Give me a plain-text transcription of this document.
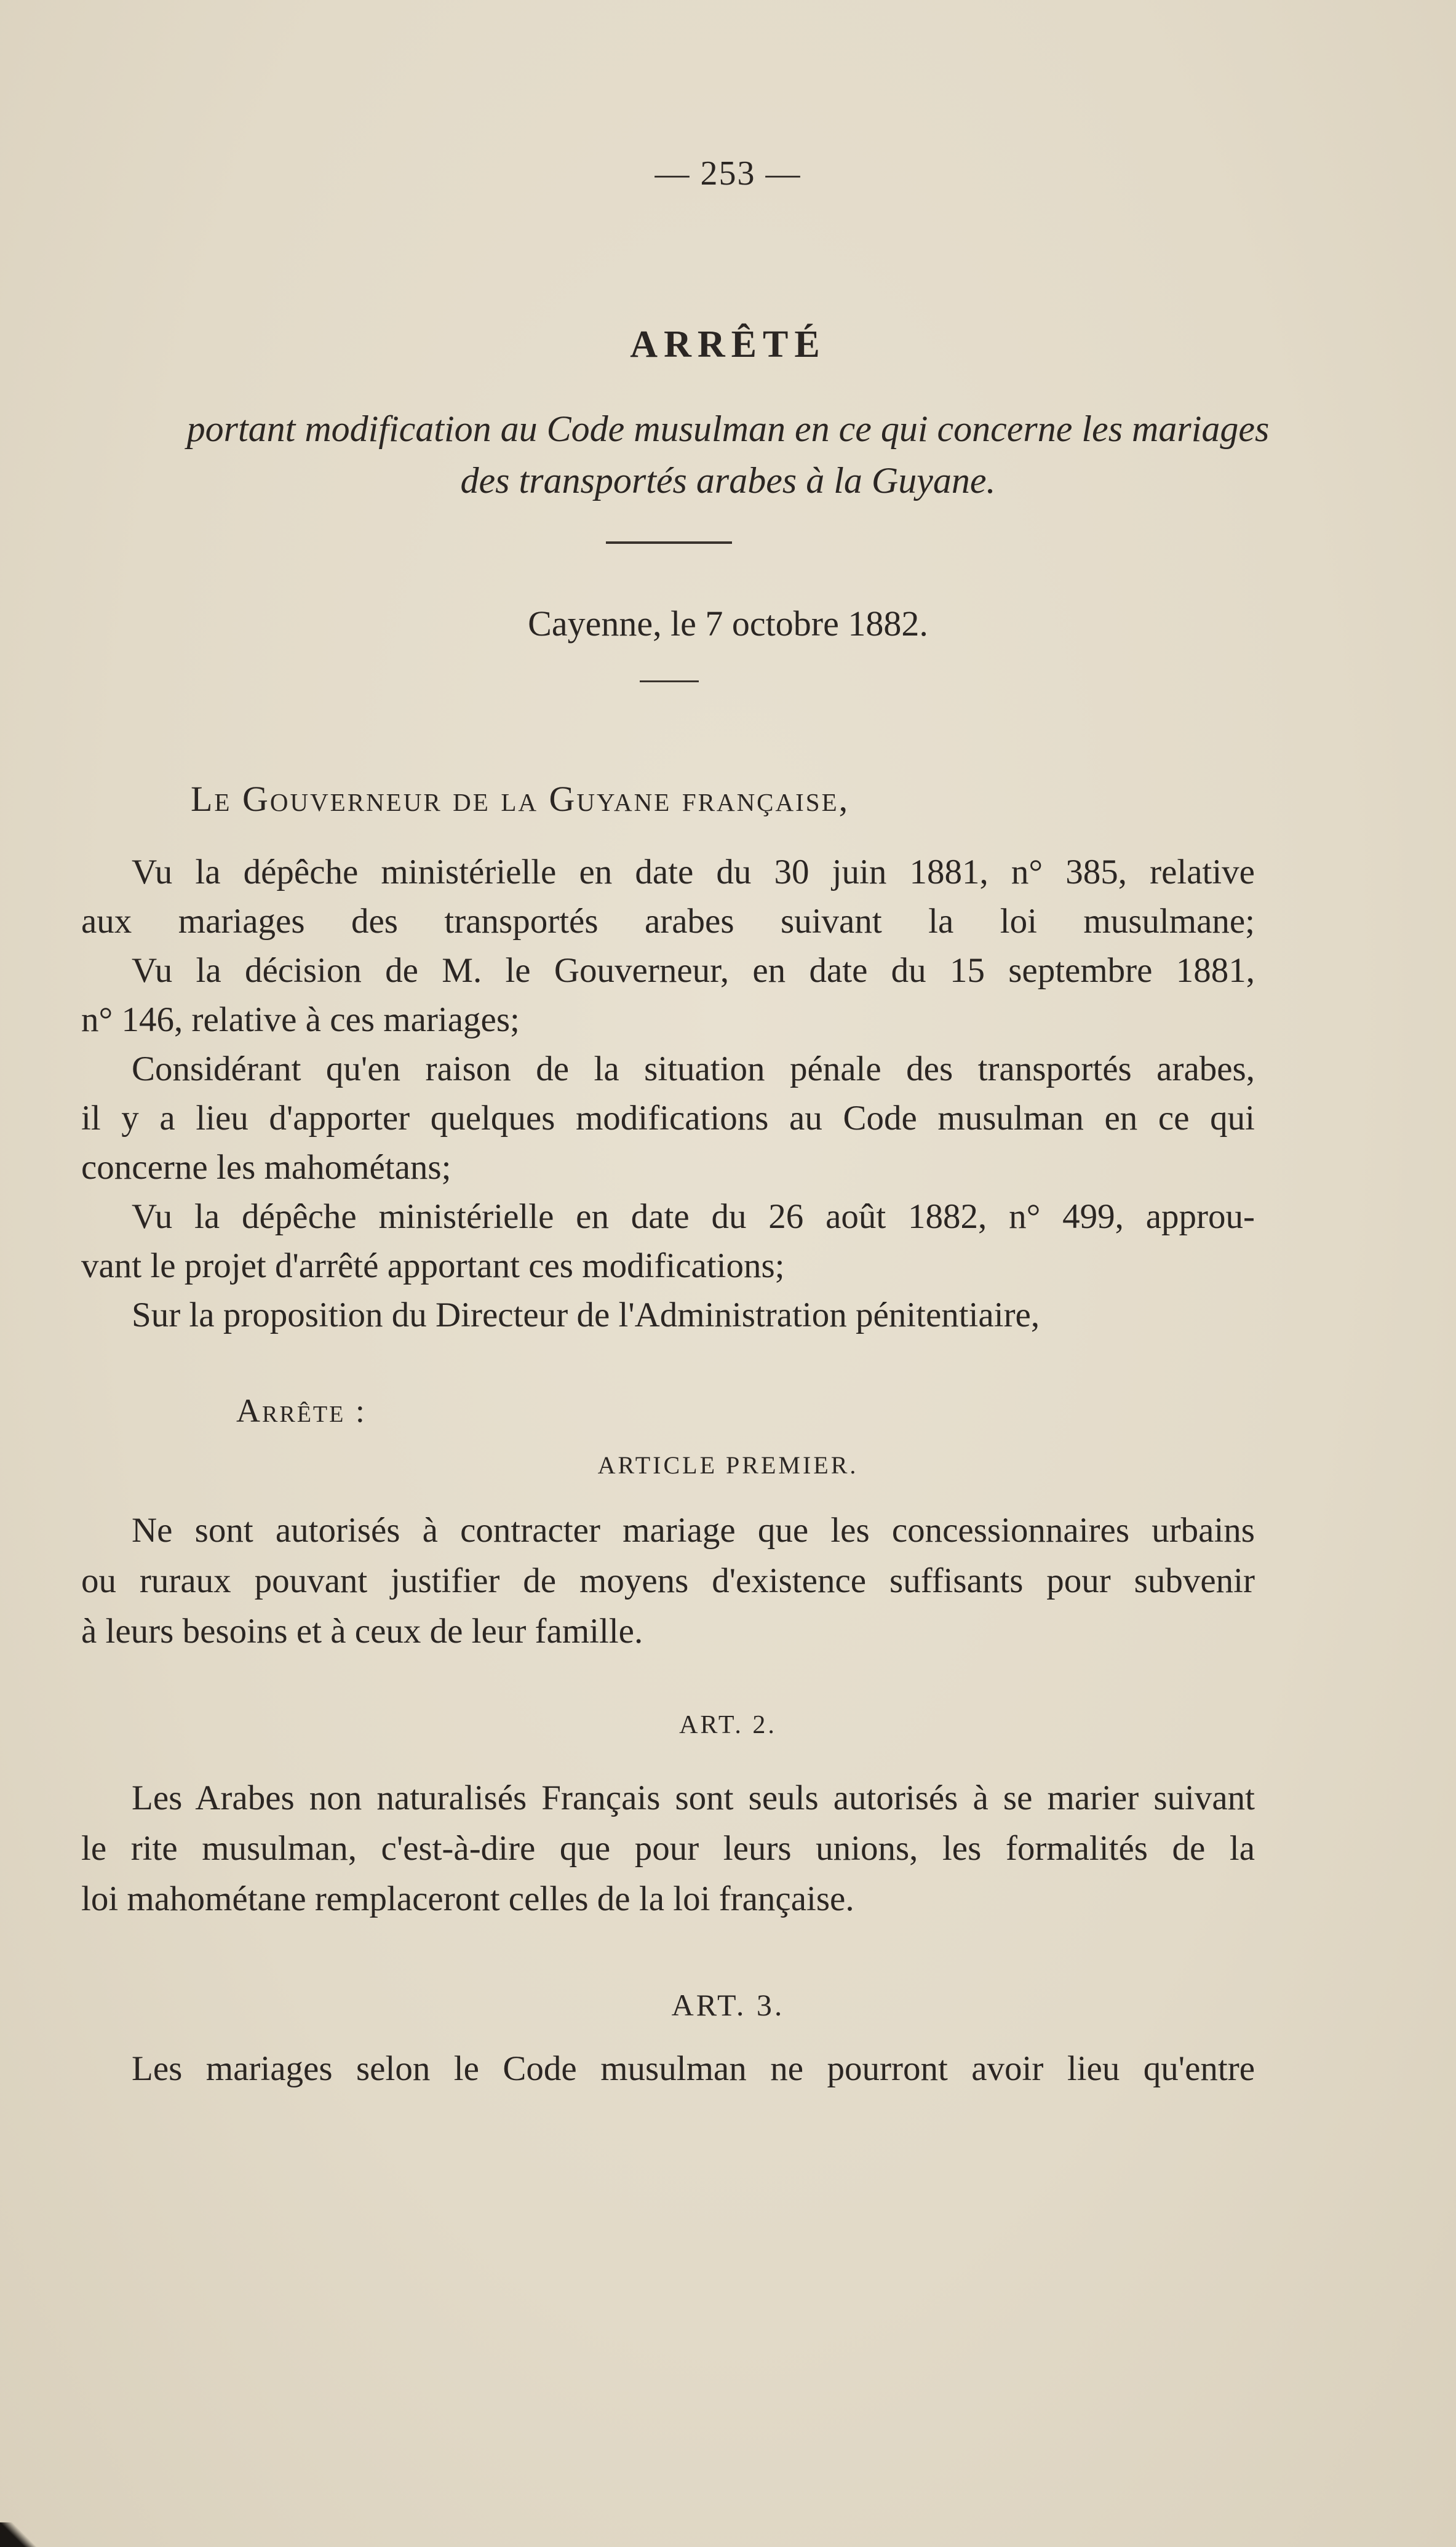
— 253 —
ARRÊTÉ
portant modification au Code musulman en ce qui concerne les mariages
des transportés arabes à la Guyane.
Cayenne, le 7 octobre 1882.
Le Gouverneur de la Guyane française,
Vu la dépêche ministérielle en date du 30 juin 1881, n° 385, relative
aux mariages des transportés arabes suivant la loi musulmane;
Vu la décision de M. le Gouverneur, en date du 15 septembre 1881,
n° 146, relative à ces mariages;
Considérant qu'en raison de la situation pénale des transportés arabes,
il y a lieu d'apporter quelques modifications au Code musulman en ce qui
concerne les mahométans;
Vu la dépêche ministérielle en date du 26 août 1882, n° 499, approu-
vant le projet d'arrêté apportant ces modifications;
Sur la proposition du Directeur de l'Administration pénitentiaire,
Arrête :
ARTICLE PREMIER.
Ne sont autorisés à contracter mariage que les concessionnaires urbains
ou ruraux pouvant justifier de moyens d'existence suffisants pour subvenir
à leurs besoins et à ceux de leur famille.
ART. 2.
Les Arabes non naturalisés Français sont seuls autorisés à se marier suivant
le rite musulman, c'est-à-dire que pour leurs unions, les formalités de la
loi mahométane remplaceront celles de la loi française.
ART. 3.
Les mariages selon le Code musulman ne pourront avoir lieu qu'entre
